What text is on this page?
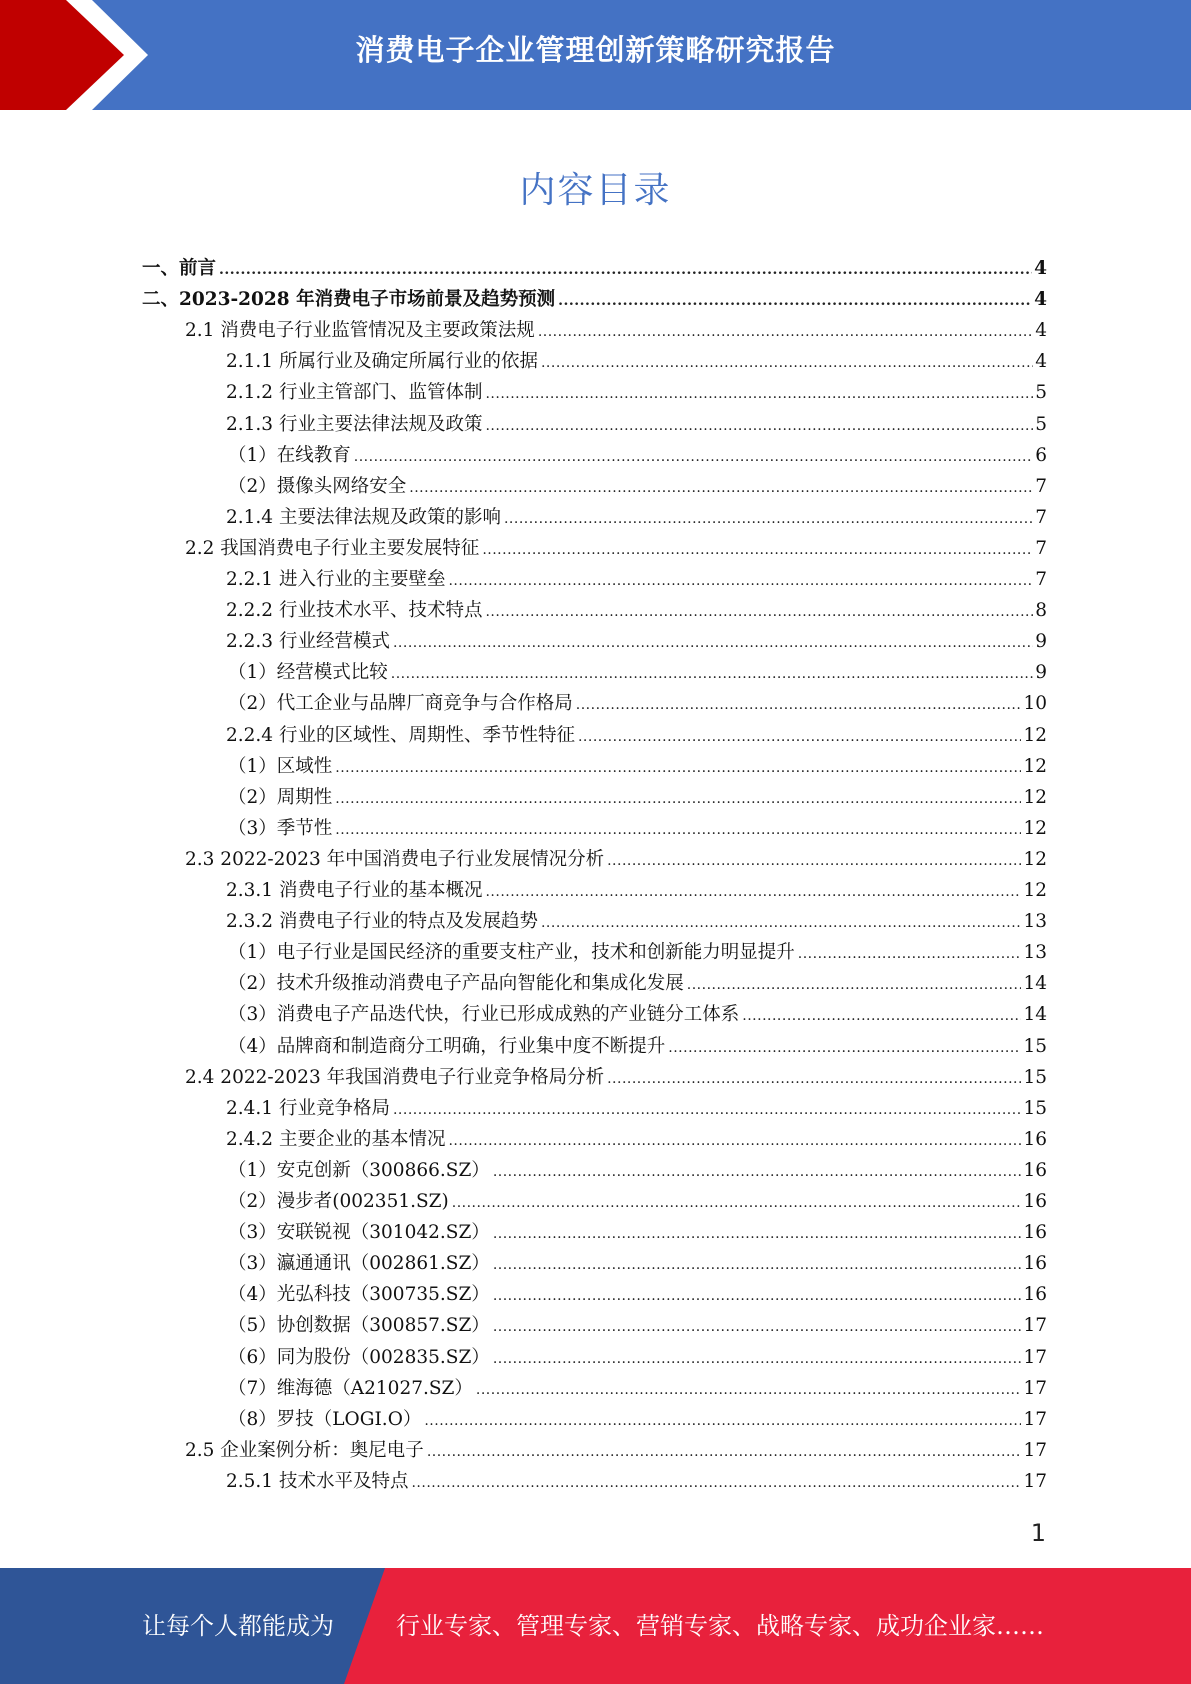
消费电子企业管理创新策略研究报告
内容目录
一、前言 .....	4
二、2023-2028 年消费电子市场前景及趋势预测 .....	4
2.1 消费电子行业监管情况及主要政策法规 .....	4
2.1.1 所属行业及确定所属行业的依据 .....	4
2.1.2 行业主管部门、监管体制 .....	5
2.1.3 行业主要法律法规及政策 .....	5
（1）在线教育 .....	6
（2）摄像头网络安全 .....	7
2.1.4 主要法律法规及政策的影响 .....	7
2.2 我国消费电子行业主要发展特征 .....	7
2.2.1 进入行业的主要壁垒 .....	7
2.2.2 行业技术水平、技术特点 .....	8
2.2.3 行业经营模式 .....	9
（1）经营模式比较 .....	9
（2）代工企业与品牌厂商竞争与合作格局 .....	10
2.2.4 行业的区域性、周期性、季节性特征 .....	12
（1）区域性 .....	12
（2）周期性 .....	12
（3）季节性 .....	12
2.3 2022-2023 年中国消费电子行业发展情况分析 .....	12
2.3.1 消费电子行业的基本概况 .....	12
2.3.2 消费电子行业的特点及发展趋势 .....	13
（1）电子行业是国民经济的重要支柱产业，技术和创新能力明显提升 .....	13
（2）技术升级推动消费电子产品向智能化和集成化发展 .....	14
（3）消费电子产品迭代快，行业已形成成熟的产业链分工体系 .....	14
（4）品牌商和制造商分工明确，行业集中度不断提升 .....	15
2.4 2022-2023 年我国消费电子行业竞争格局分析 .....	15
2.4.1 行业竞争格局 .....	15
2.4.2 主要企业的基本情况 .....	16
（1）安克创新（300866.SZ） .....	16
（2）漫步者(002351.SZ) .....	16
（3）安联锐视（301042.SZ） .....	16
（3）瀛通通讯（002861.SZ） .....	16
（4）光弘科技（300735.SZ） .....	16
（5）协创数据（300857.SZ） .....	17
（6）同为股份（002835.SZ） .....	17
（7）维海德（A21027.SZ） .....	17
（8）罗技（LOGI.O） .....	17
2.5 企业案例分析：奥尼电子 .....	17
2.5.1 技术水平及特点 .....	17
1
让每个人都能成为	行业专家、管理专家、营销专家、战略专家、成功企业家……
